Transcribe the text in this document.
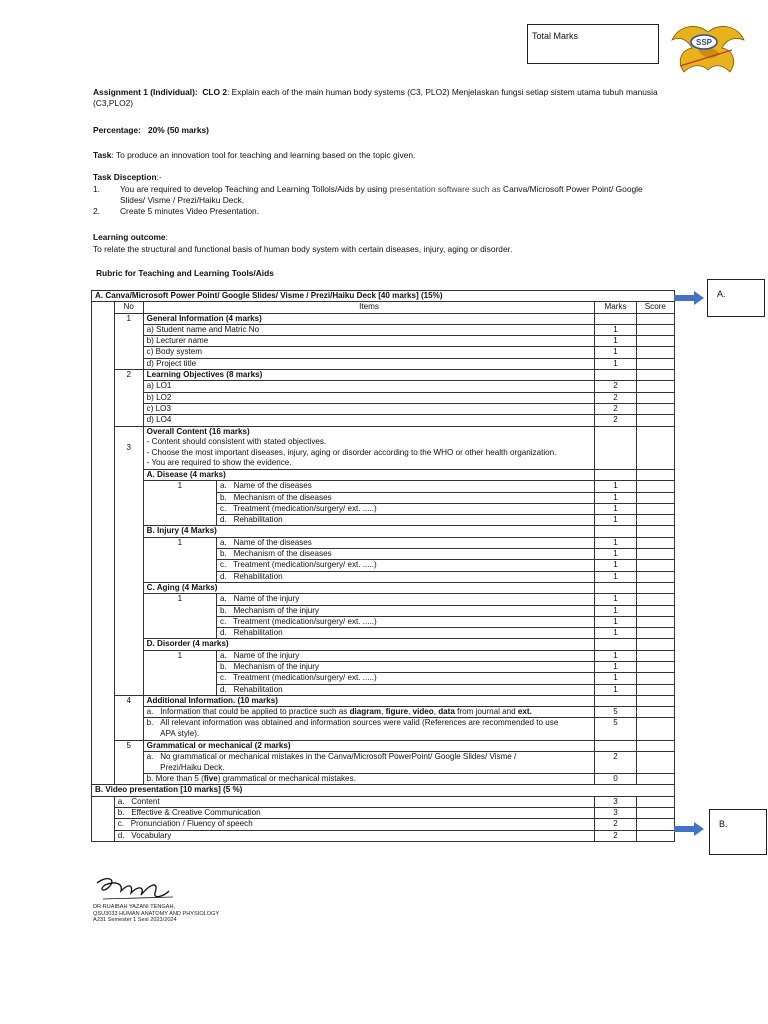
Total Marks
SSP
Assignment 1 (Individual): CLO 2: Explain each of the main human body systems (C3, PLO2) Menjelaskan fungsi setiap sistem utama tubuh manusia
(C3,PLO2)
Percentage: 20% (50 marks)
Task: To produce an innovation tool for teaching and learning based on the topic given.
Task Disception:-
1. You are required to develop Teaching and Learning Tollols/Aids by using presentation software such as Canva/Microsoft Power Point/ Google
Slides/ Visme / Prezi/Haiku Deck.
2. Create 5 minutes Video Presentation.
Learning outcome:
To relate the structural and functional basis of human body system with certain diseases, injury, aging or disorder.
Rubric for Teaching and Learning Tools/Aids
A. Canva/Microsoft Power Point/ Google Slides/ Visme / Prezi/Haiku Deck [40 marks] (15%)					
	No	Items		Marks	Score
	1	General Information (4 marks)			
		a) Student name and Matric No		1	
		b) Lecturer name		1	
		c) Body system		1	
		d) Project title		1	
	2	Learning Objectives (8 marks)			
		a) LO1		2	
		b) LO2		2	
		c) LO3		2	
		d) LO4		2	
	3	Overall Content (16 marks)
- Content should consistent with stated objectives.
- Choose the most important diseases, injury, aging or disorder according to the WHO or other health organization.
- You are required to show the evidence.			
		A. Disease (4 marks)			
		1	a. Name of the diseases	1	
			b. Mechanism of the diseases	1	
			c. Treatment (medication/surgery/ ext. .....)	1	
			d. Rehabilitation	1	
		B. Injury (4 Marks)			
		1	a. Name of the diseases	1	
			b. Mechanism of the diseases	1	
			c. Treatment (medication/surgery/ ext. .....)	1	
			d. Rehabilitation	1	
		C. Aging (4 Marks)			
		1	a. Name of the injury	1	
			b. Mechanism of the injury	1	
			c. Treatment (medication/surgery/ ext. .....)	1	
			d. Rehabilitation	1	
		D. Disorder (4 marks)			
		1	a. Name of the injury	1	
			b. Mechanism of the injury	1	
			c. Treatment (medication/surgery/ ext. .....)	1	
			d. Rehabilitation	1	
	4	Additional Information. (10 marks)			
		a. Information that could be applied to practice such as diagram, figure, video, data from journal and ext.		5	
		b. All relevant information was obtained and information sources were valid (References are recommended to use
APA style).		5	
	5	Grammatical or mechanical (2 marks)			
		a. No grammatical or mechanical mistakes in the Canva/Microsoft PowerPoint/ Google Slides/ Visme /
Prezi/Haiku Deck.		2	
		b. More than 5 (five) grammatical or mechanical mistakes.		0	
B. Video presentation [10 marks] (5 %)					
	a. Content			3	
	b. Effective & Creative Communication			3	
	c. Pronunciation / Fluency of speech			2	
	d. Vocabulary			2	
A.
B.
DR RUAIBAH YAZANI TENGAH,
QSU3033 HUMAN ANATOMY AND PHYSIOLOGY
A231 Semester 1 Sesi 2023/2024
